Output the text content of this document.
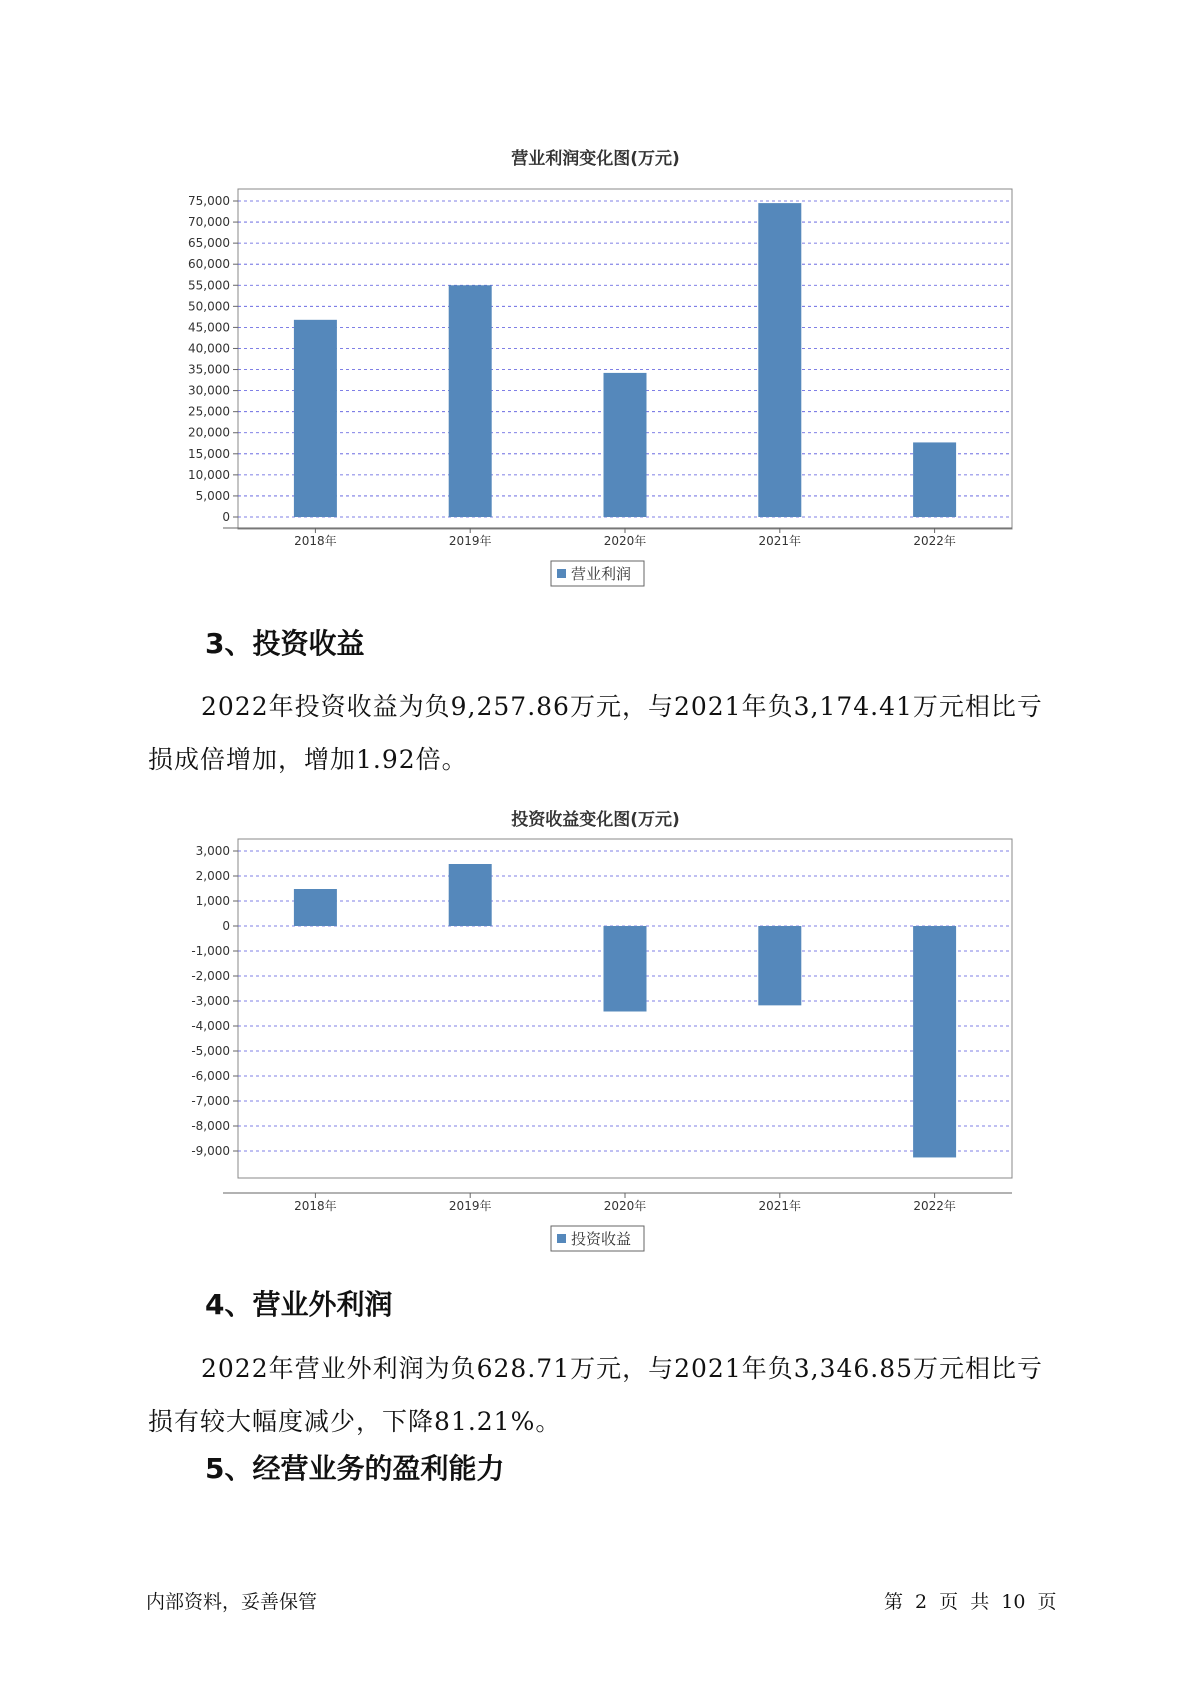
营业利润变化图(万元)
0
5,000
10,000
15,000
20,000
25,000
30,000
35,000
40,000
45,000
50,000
55,000
60,000
65,000
70,000
75,000
2018年	2019年	2020年	2021年	2022年
营业利润
3、投资收益
2022年投资收益为负9,257.86万元，与2021年负3,174.41万元相比亏损成倍增加，增加1.92倍。
投资收益变化图(万元)
3,000
2,000
1,000
0
-1,000
-2,000
-3,000
-4,000
-5,000
-6,000
-7,000
-8,000
-9,000
2018年	2019年	2020年	2021年	2022年
投资收益
4、营业外利润
2022年营业外利润为负628.71万元，与2021年负3,346.85万元相比亏损有较大幅度减少，下降81.21%。
5、经营业务的盈利能力
内部资料，妥善保管	第 2 页 共 10 页
